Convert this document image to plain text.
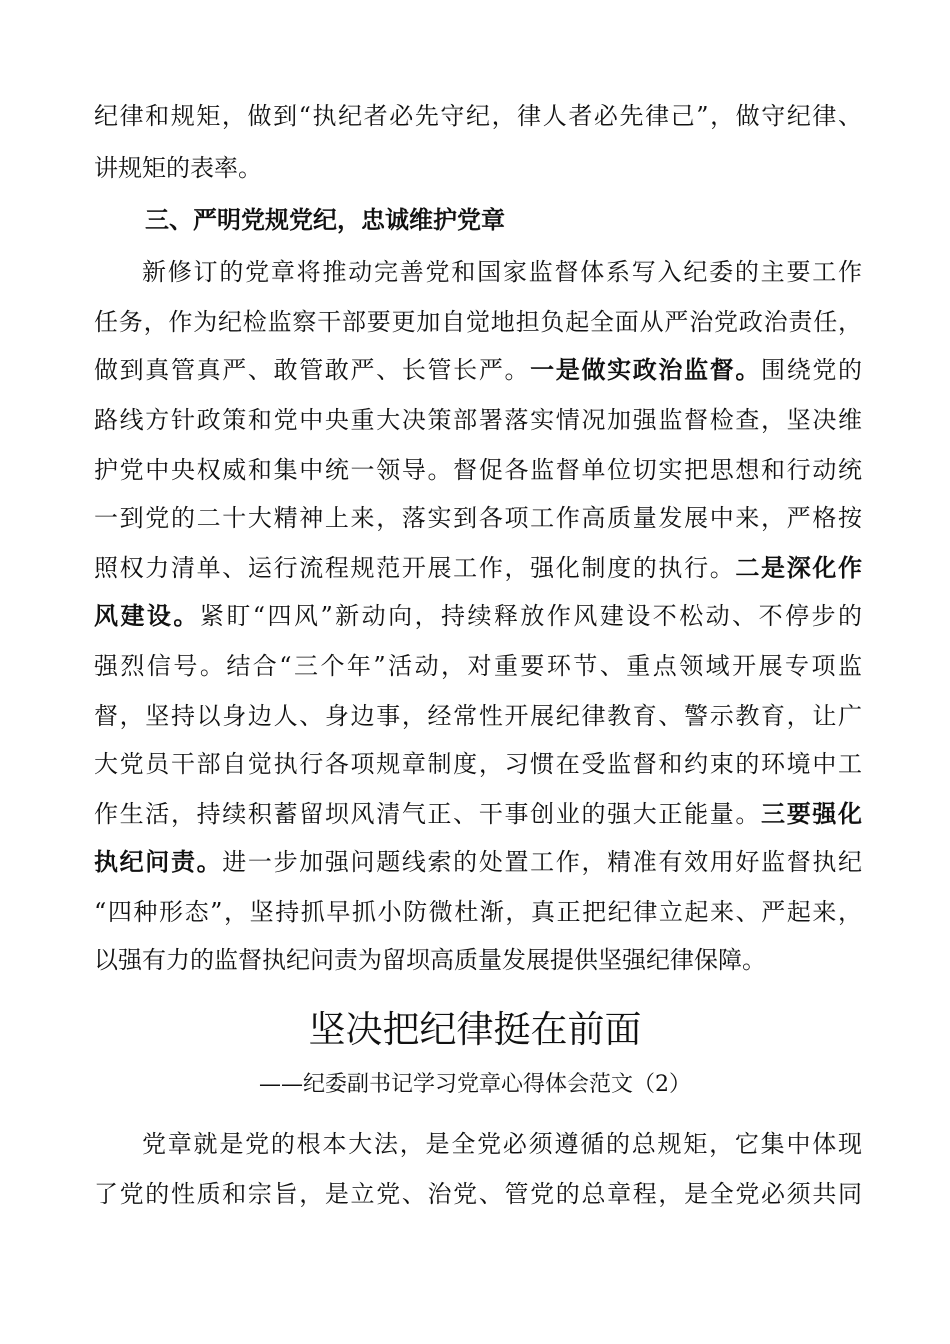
纪律和规矩，做到“执纪者必先守纪，律人者必先律己”，做守纪律、
讲规矩的表率。
三、严明党规党纪，忠诚维护党章
新修订的党章将推动完善党和国家监督体系写入纪委的主要工作
任务，作为纪检监察干部要更加自觉地担负起全面从严治党政治责任，
做到真管真严、敢管敢严、长管长严。一是做实政治监督。围绕党的
路线方针政策和党中央重大决策部署落实情况加强监督检查，坚决维
护党中央权威和集中统一领导。督促各监督单位切实把思想和行动统
一到党的二十大精神上来，落实到各项工作高质量发展中来，严格按
照权力清单、运行流程规范开展工作，强化制度的执行。二是深化作
风建设。紧盯“四风”新动向，持续释放作风建设不松动、不停步的
强烈信号。结合“三个年”活动，对重要环节、重点领域开展专项监
督，坚持以身边人、身边事，经常性开展纪律教育、警示教育，让广
大党员干部自觉执行各项规章制度，习惯在受监督和约束的环境中工
作生活，持续积蓄留坝风清气正、干事创业的强大正能量。三要强化
执纪问责。进一步加强问题线索的处置工作，精准有效用好监督执纪
“四种形态”，坚持抓早抓小防微杜渐，真正把纪律立起来、严起来，
以强有力的监督执纪问责为留坝高质量发展提供坚强纪律保障。
坚决把纪律挺在前面
——纪委副书记学习党章心得体会范文（2）
党章就是党的根本大法，是全党必须遵循的总规矩，它集中体现
了党的性质和宗旨，是立党、治党、管党的总章程，是全党必须共同
